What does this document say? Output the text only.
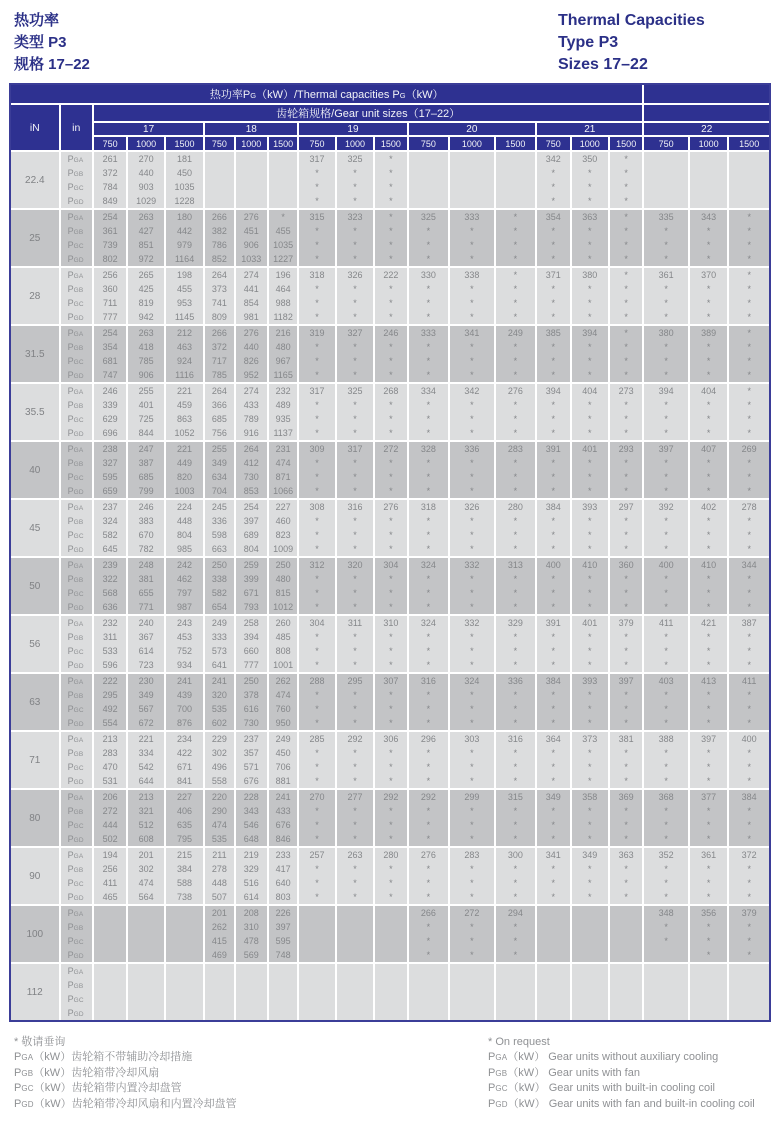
热功率
类型 P3
规格 17–22
Thermal Capacities
Type P3
Sizes 17–22
热功率PG（kW）/Thermal capacities PG（kW）																			
iN	in	齿轮箱规格/Gear unit sizes（17–22）																	
		17			18			19			20			21			22		
		750	1000	1500	750	1000	1500	750	1000	1500	750	1000	1500	750	1000	1500	750	1000	1500
22.4	PGA	261	270	181				317	325	*				342	350	*			
	PGB	372	440	450				*	*	*				*	*	*			
	PGC	784	903	1035				*	*	*				*	*	*			
	PGD	849	1029	1228				*	*	*				*	*	*			
25	PGA	254	263	180	266	276	*	315	323	*	325	333	*	354	363	*	335	343	*
	PGB	361	427	442	382	451	455	*	*	*	*	*	*	*	*	*	*	*	*
	PGC	739	851	979	786	906	1035	*	*	*	*	*	*	*	*	*	*	*	*
	PGD	802	972	1164	852	1033	1227	*	*	*	*	*	*	*	*	*	*	*	*
28	PGA	256	265	198	264	274	196	318	326	222	330	338	*	371	380	*	361	370	*
	PGB	360	425	455	373	441	464	*	*	*	*	*	*	*	*	*	*	*	*
	PGC	711	819	953	741	854	988	*	*	*	*	*	*	*	*	*	*	*	*
	PGD	777	942	1145	809	981	1182	*	*	*	*	*	*	*	*	*	*	*	*
31.5	PGA	254	263	212	266	276	216	319	327	246	333	341	249	385	394	*	380	389	*
	PGB	354	418	463	372	440	480	*	*	*	*	*	*	*	*	*	*	*	*
	PGC	681	785	924	717	826	967	*	*	*	*	*	*	*	*	*	*	*	*
	PGD	747	906	1116	785	952	1165	*	*	*	*	*	*	*	*	*	*	*	*
35.5	PGA	246	255	221	264	274	232	317	325	268	334	342	276	394	404	273	394	404	*
	PGB	339	401	459	366	433	489	*	*	*	*	*	*	*	*	*	*	*	*
	PGC	629	725	863	685	789	935	*	*	*	*	*	*	*	*	*	*	*	*
	PGD	696	844	1052	756	916	1137	*	*	*	*	*	*	*	*	*	*	*	*
40	PGA	238	247	221	255	264	231	309	317	272	328	336	283	391	401	293	397	407	269
	PGB	327	387	449	349	412	474	*	*	*	*	*	*	*	*	*	*	*	*
	PGC	595	685	820	634	730	871	*	*	*	*	*	*	*	*	*	*	*	*
	PGD	659	799	1003	704	853	1066	*	*	*	*	*	*	*	*	*	*	*	*
45	PGA	237	246	224	245	254	227	308	316	276	318	326	280	384	393	297	392	402	278
	PGB	324	383	448	336	397	460	*	*	*	*	*	*	*	*	*	*	*	*
	PGC	582	670	804	598	689	823	*	*	*	*	*	*	*	*	*	*	*	*
	PGD	645	782	985	663	804	1009	*	*	*	*	*	*	*	*	*	*	*	*
50	PGA	239	248	242	250	259	250	312	320	304	324	332	313	400	410	360	400	410	344
	PGB	322	381	462	338	399	480	*	*	*	*	*	*	*	*	*	*	*	*
	PGC	568	655	797	582	671	815	*	*	*	*	*	*	*	*	*	*	*	*
	PGD	636	771	987	654	793	1012	*	*	*	*	*	*	*	*	*	*	*	*
56	PGA	232	240	243	249	258	260	304	311	310	324	332	329	391	401	379	411	421	387
	PGB	311	367	453	333	394	485	*	*	*	*	*	*	*	*	*	*	*	*
	PGC	533	614	752	573	660	808	*	*	*	*	*	*	*	*	*	*	*	*
	PGD	596	723	934	641	777	1001	*	*	*	*	*	*	*	*	*	*	*	*
63	PGA	222	230	241	241	250	262	288	295	307	316	324	336	384	393	397	403	413	411
	PGB	295	349	439	320	378	474	*	*	*	*	*	*	*	*	*	*	*	*
	PGC	492	567	700	535	616	760	*	*	*	*	*	*	*	*	*	*	*	*
	PGD	554	672	876	602	730	950	*	*	*	*	*	*	*	*	*	*	*	*
71	PGA	213	221	234	229	237	249	285	292	306	296	303	316	364	373	381	388	397	400
	PGB	283	334	422	302	357	450	*	*	*	*	*	*	*	*	*	*	*	*
	PGC	470	542	671	496	571	706	*	*	*	*	*	*	*	*	*	*	*	*
	PGD	531	644	841	558	676	881	*	*	*	*	*	*	*	*	*	*	*	*
80	PGA	206	213	227	220	228	241	270	277	292	292	299	315	349	358	369	368	377	384
	PGB	272	321	406	290	343	433	*	*	*	*	*	*	*	*	*	*	*	*
	PGC	444	512	635	474	546	676	*	*	*	*	*	*	*	*	*	*	*	*
	PGD	502	608	795	535	648	846	*	*	*	*	*	*	*	*	*	*	*	*
90	PGA	194	201	215	211	219	233	257	263	280	276	283	300	341	349	363	352	361	372
	PGB	256	302	384	278	329	417	*	*	*	*	*	*	*	*	*	*	*	*
	PGC	411	474	588	448	516	640	*	*	*	*	*	*	*	*	*	*	*	*
	PGD	465	564	738	507	614	803	*	*	*	*	*	*	*	*	*	*	*	*
100	PGA				201	208	226				266	272	294				348	356	379
	PGB				262	310	397				*	*	*				*	*	*
	PGC				415	478	595				*	*	*				*	*	*
	PGD				469	569	748				*	*	*					*	*
112	PGA																		
	PGB																		
	PGC																		
	PGD																		
* 敬请垂询
PGA（kW）齿轮箱不带辅助冷却措施
PGB（kW）齿轮箱带冷却风扇
PGC（kW）齿轮箱带内置冷却盘管
PGD（kW）齿轮箱带冷却风扇和内置冷却盘管
* On request
PGA（kW） Gear units without auxiliary cooling
PGB（kW） Gear units with fan
PGC（kW） Gear units with built-in cooling coil
PGD（kW） Gear units with fan and built-in cooling coil
